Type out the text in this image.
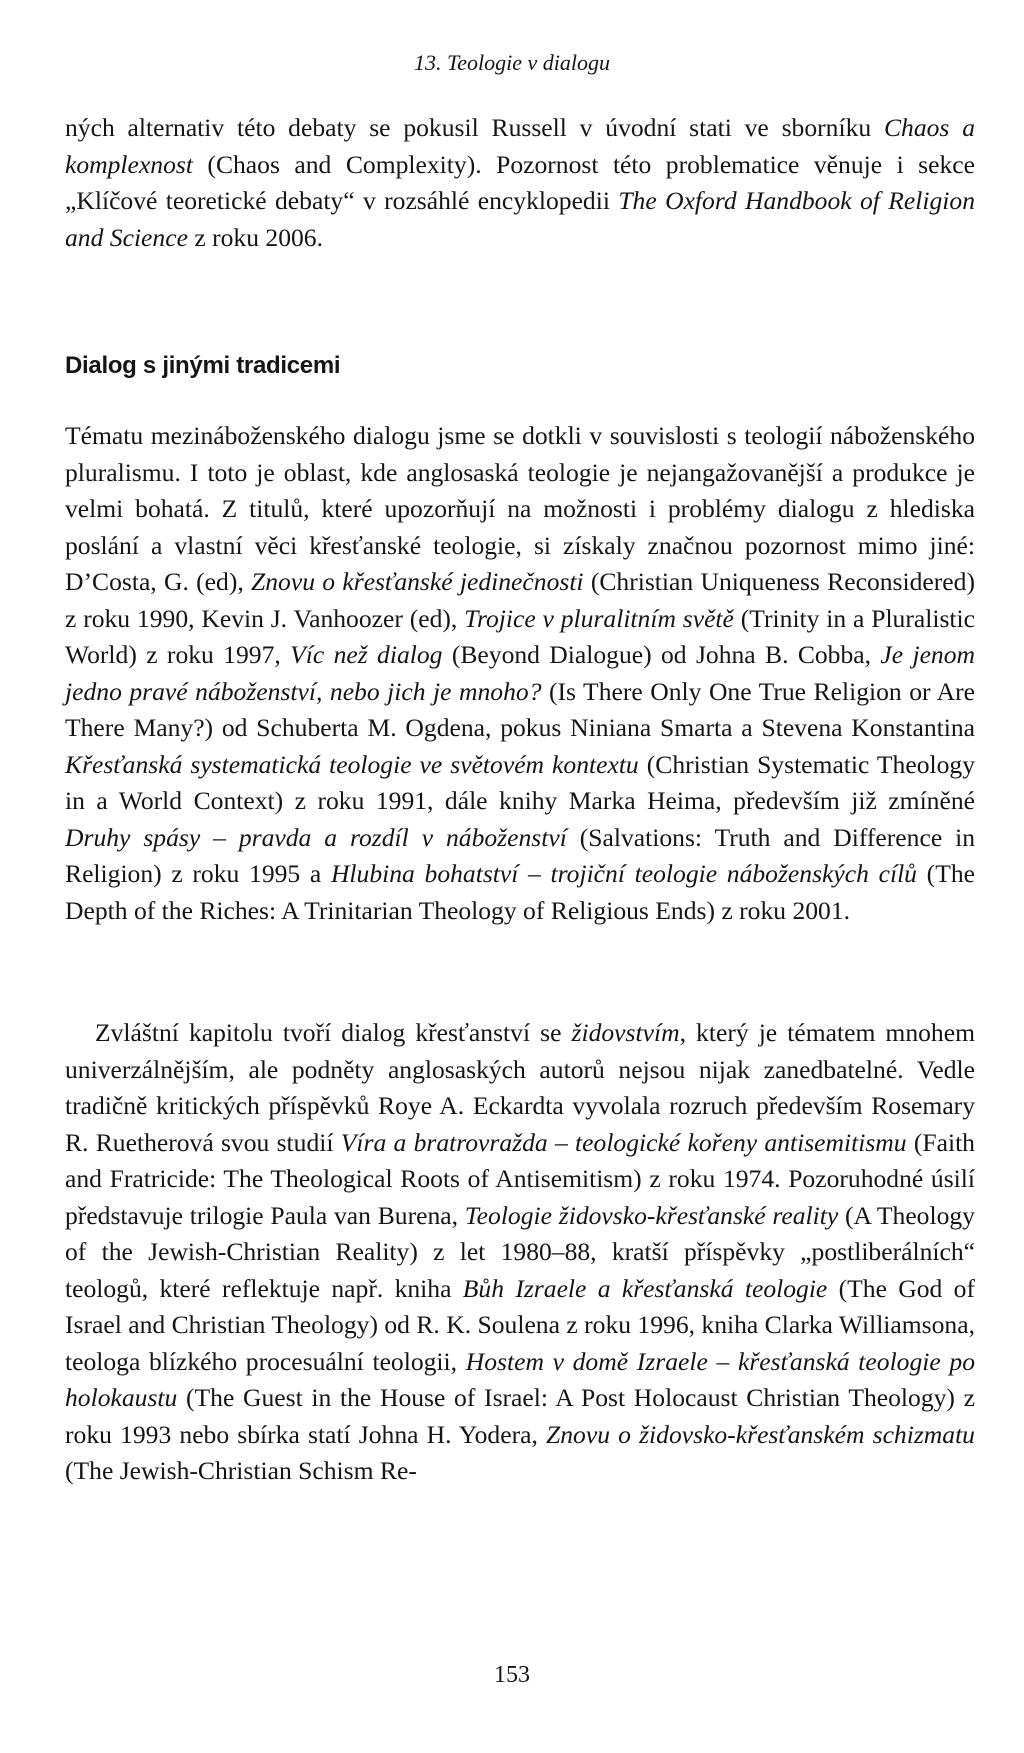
13. Teologie v dialogu

ných alternativ této debaty se pokusil Russell v úvodní stati ve sborníku Chaos a komplexnost (Chaos and Complexity). Pozornost této problematice věnuje i sekce „Klíčové teoretické debaty“ v rozsáhlé encyklopedii The Oxford Handbook of Religion and Science z roku 2006.

Dialog s jinými tradicemi

Tématu mezináboženského dialogu jsme se dotkli v souvislosti s teologií náboženského pluralismu. I toto je oblast, kde anglosaská teologie je nejangažovanější a produkce je velmi bohatá. Z titulů, které upozorňují na možnosti i problémy dialogu z hlediska poslání a vlastní věci křesťanské teologie, si získaly značnou pozornost mimo jiné: D’Costa, G. (ed), Znovu o křesťanské jedinečnosti (Christian Uniqueness Reconsidered) z roku 1990, Kevin J. Vanhoozer (ed), Trojice v pluralitním světě (Trinity in a Pluralistic World) z roku 1997, Víc než dialog (Beyond Dialogue) od Johna B. Cobba, Je jenom jedno pravé náboženství, nebo jich je mnoho? (Is There Only One True Religion or Are There Many?) od Schuberta M. Ogdena, pokus Niniana Smarta a Stevena Konstantina Křesťanská systematická teologie ve světovém kontextu (Christian Systematic Theology in a World Context) z roku 1991, dále knihy Marka Heima, především již zmíněné Druhy spásy – pravda a rozdíl v náboženství (Salvations: Truth and Difference in Religion) z roku 1995 a Hlubina bohatství – trojiční teologie náboženských cílů (The Depth of the Riches: A Trinitarian Theology of Religious Ends) z roku 2001.

Zvláštní kapitolu tvoří dialog křesťanství se židovstvím, který je tématem mnohem univerzálnějším, ale podněty anglosaských autorů nejsou nijak zanedbatelné. Vedle tradičně kritických příspěvků Roye A. Eckardta vyvolala rozruch především Rosemary R. Ruetherová svou studií Víra a bratrovražda – teologické kořeny antisemitismu (Faith and Fratricide: The Theological Roots of Antisemitism) z roku 1974. Pozoruhodné úsilí představuje trilogie Paula van Burena, Teologie židovsko-křesťanské reality (A Theology of the Jewish-Christian Reality) z let 1980–88, kratší příspěvky „postliberálních“ teologů, které reflektuje např. kniha Bůh Izraele a křesťanská teologie (The God of Israel and Christian Theology) od R. K. Soulena z roku 1996, kniha Clarka Williamsona, teologa blízkého procesuální teologii, Hostem v domě Izraele – křesťanská teologie po holokaustu (The Guest in the House of Israel: A Post Holocaust Christian Theology) z roku 1993 nebo sbírka statí Johna H. Yodera, Znovu o židovsko-křesťanském schizmatu (The Jewish-Christian Schism Re-

153
